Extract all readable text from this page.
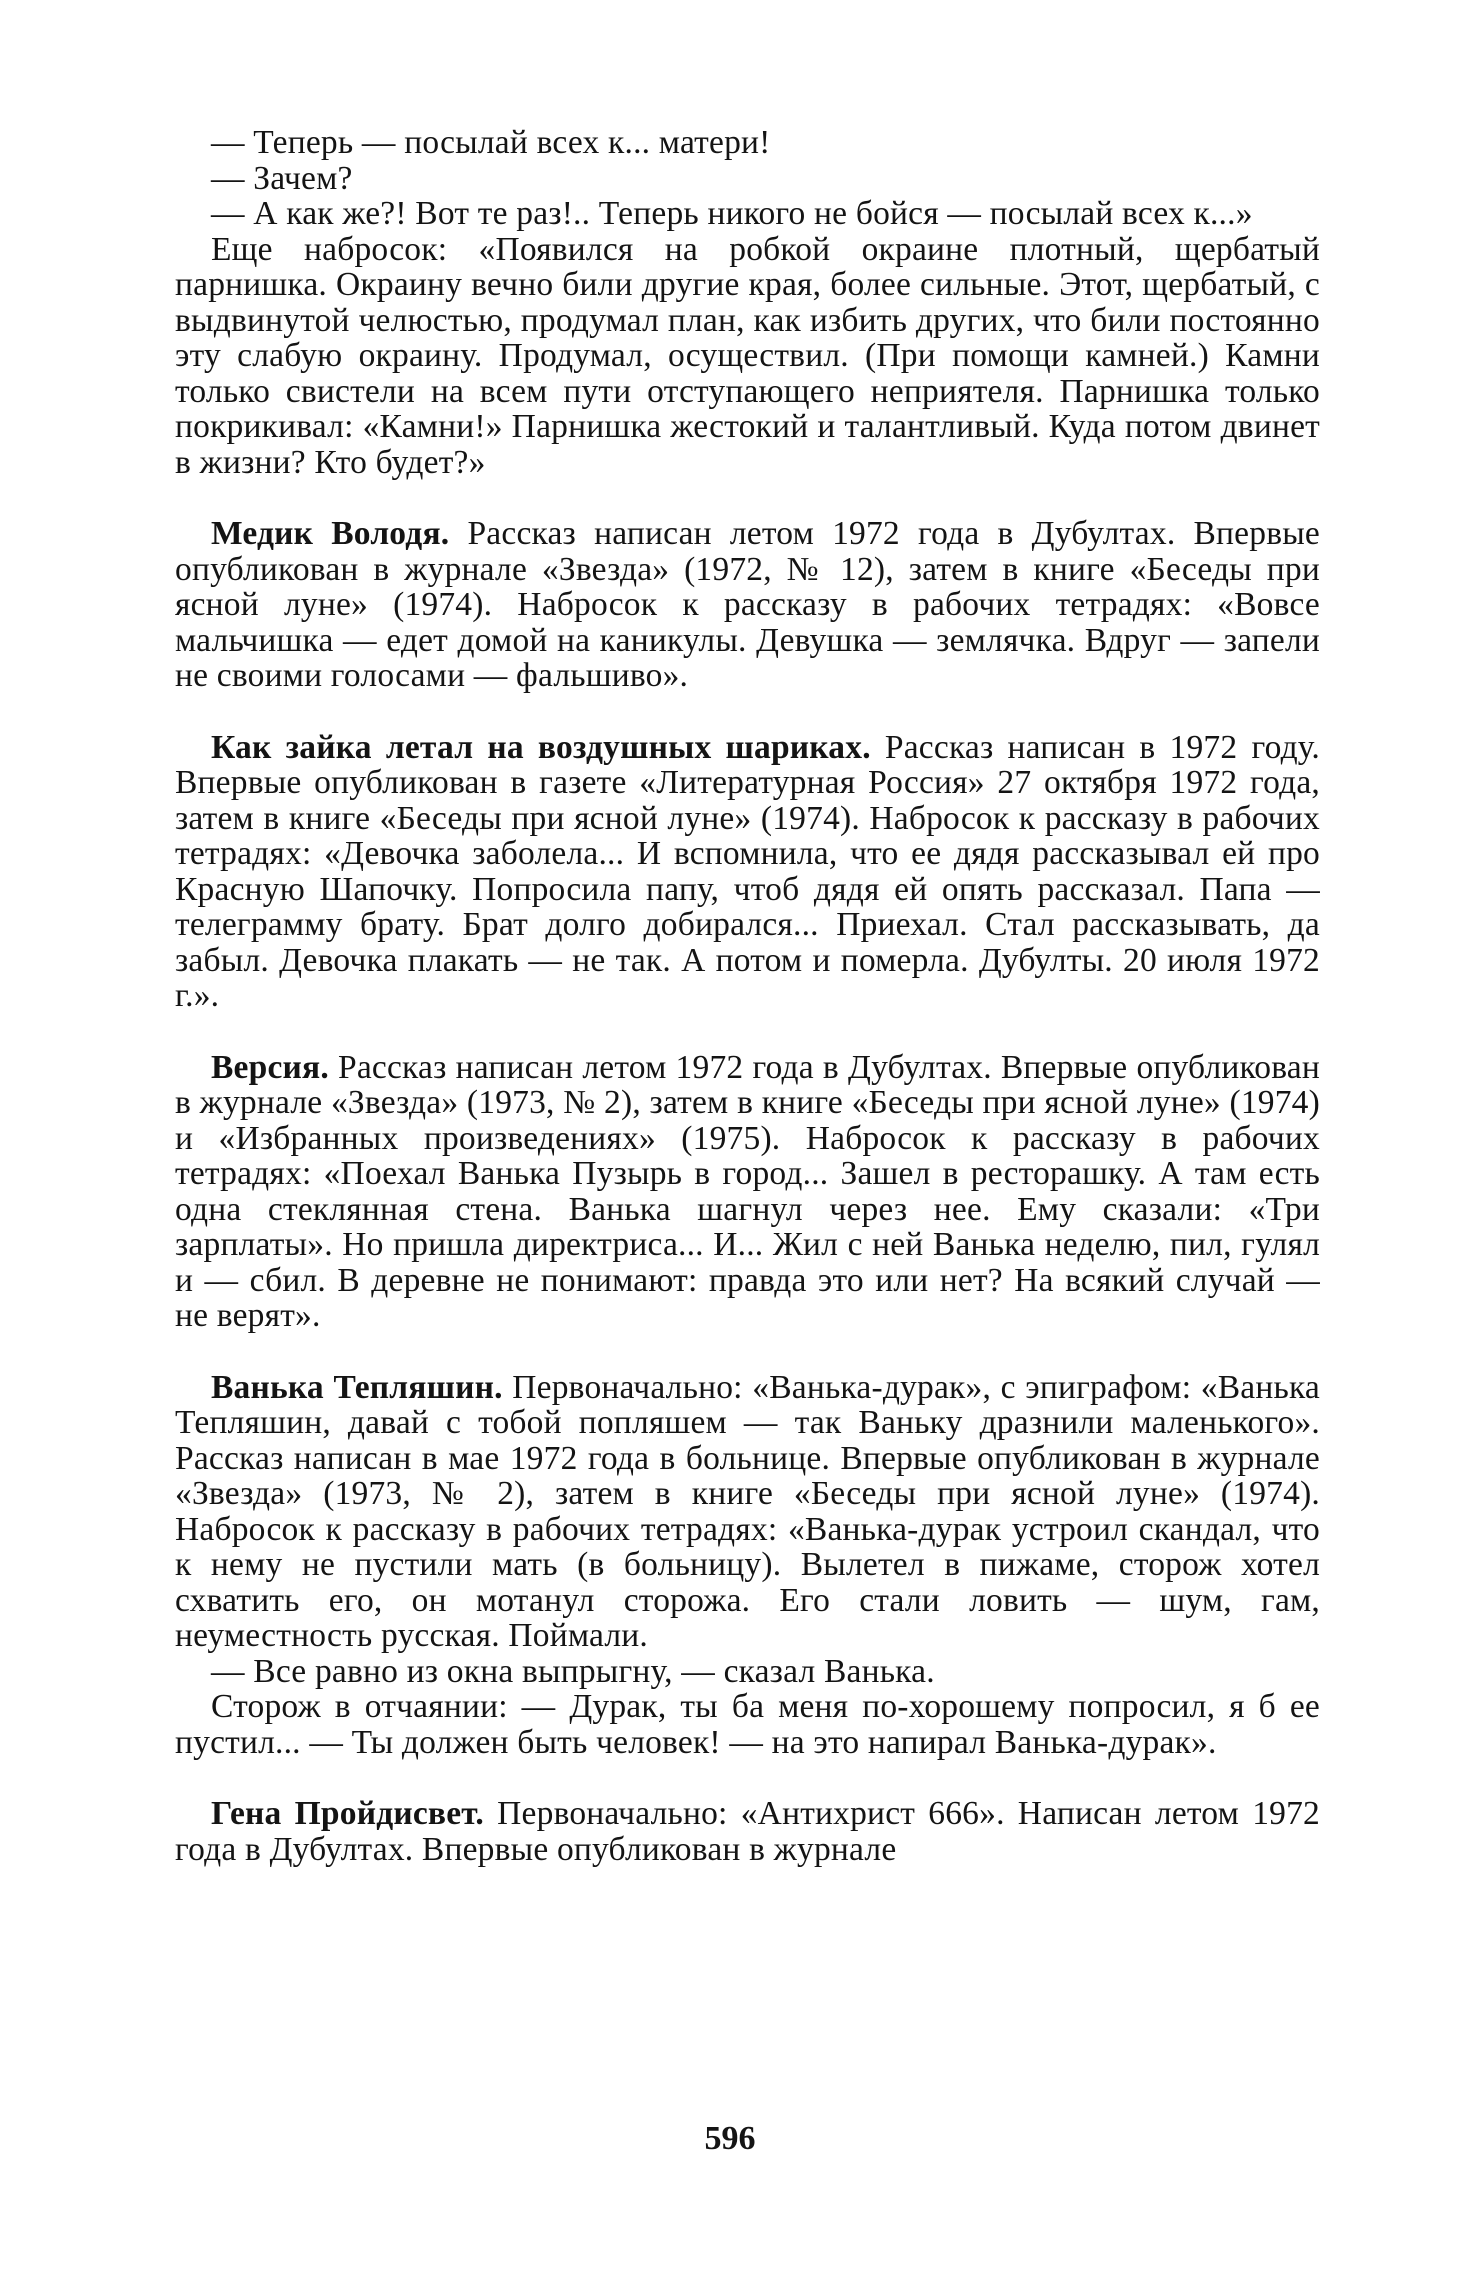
— Теперь — посылай всех к... матери!

— Зачем?

— А как же?! Вот те раз!.. Теперь никого не бойся — посылай всех к...»

Еще набросок: «Появился на робкой окраине плотный, щербатый парнишка. Окраину вечно били другие края, более сильные. Этот, щербатый, с выдвинутой челюстью, продумал план, как избить других, что били постоянно эту слабую окраину. Продумал, осуществил. (При помощи камней.) Камни только свистели на всем пути отступающего неприятеля. Парнишка только покрикивал: «Камни!» Парнишка жестокий и талантливый. Куда потом двинет в жизни? Кто будет?»

Медик Володя. Рассказ написан летом 1972 года в Дубултах. Впервые опубликован в журнале «Звезда» (1972, № 12), затем в книге «Беседы при ясной луне» (1974). Набросок к рассказу в рабочих тетрадях: «Вовсе мальчишка — едет домой на каникулы. Девушка — землячка. Вдруг — запели не своими голосами — фальшиво».

Как зайка летал на воздушных шариках. Рассказ написан в 1972 году. Впервые опубликован в газете «Литературная Россия» 27 октября 1972 года, затем в книге «Беседы при ясной луне» (1974). Набросок к рассказу в рабочих тетрадях: «Девочка заболела... И вспомнила, что ее дядя рассказывал ей про Красную Шапочку. Попросила папу, чтоб дядя ей опять рассказал. Папа — телеграмму брату. Брат долго добирался... Приехал. Стал рассказывать, да забыл. Девочка плакать — не так. А потом и померла. Дубулты. 20 июля 1972 г.».

Версия. Рассказ написан летом 1972 года в Дубултах. Впервые опубликован в журнале «Звезда» (1973, № 2), затем в книге «Беседы при ясной луне» (1974) и «Избранных произведениях» (1975). Набросок к рассказу в рабочих тетрадях: «Поехал Ванька Пузырь в город... Зашел в ресторашку. А там есть одна стеклянная стена. Ванька шагнул через нее. Ему сказали: «Три зарплаты». Но пришла директриса... И... Жил с ней Ванька неделю, пил, гулял и — сбил. В деревне не понимают: правда это или нет? На всякий случай — не верят».

Ванька Тепляшин. Первоначально: «Ванька-дурак», с эпиграфом: «Ванька Тепляшин, давай с тобой попляшем — так Ваньку дразнили маленького». Рассказ написан в мае 1972 года в больнице. Впервые опубликован в журнале «Звезда» (1973, № 2), затем в книге «Беседы при ясной луне» (1974). Набросок к рассказу в рабочих тетрадях: «Ванька-дурак устроил скандал, что к нему не пустили мать (в больницу). Вылетел в пижаме, сторож хотел схватить его, он мотанул сторожа. Его стали ловить — шум, гам, неуместность русская. Поймали.

— Все равно из окна выпрыгну, — сказал Ванька.

Сторож в отчаянии: — Дурак, ты ба меня по-хорошему попросил, я б ее пустил... — Ты должен быть человек! — на это напирал Ванька-дурак».

Гена Пройдисвет. Первоначально: «Антихрист 666». Написан летом 1972 года в Дубултах. Впервые опубликован в журнале

596
